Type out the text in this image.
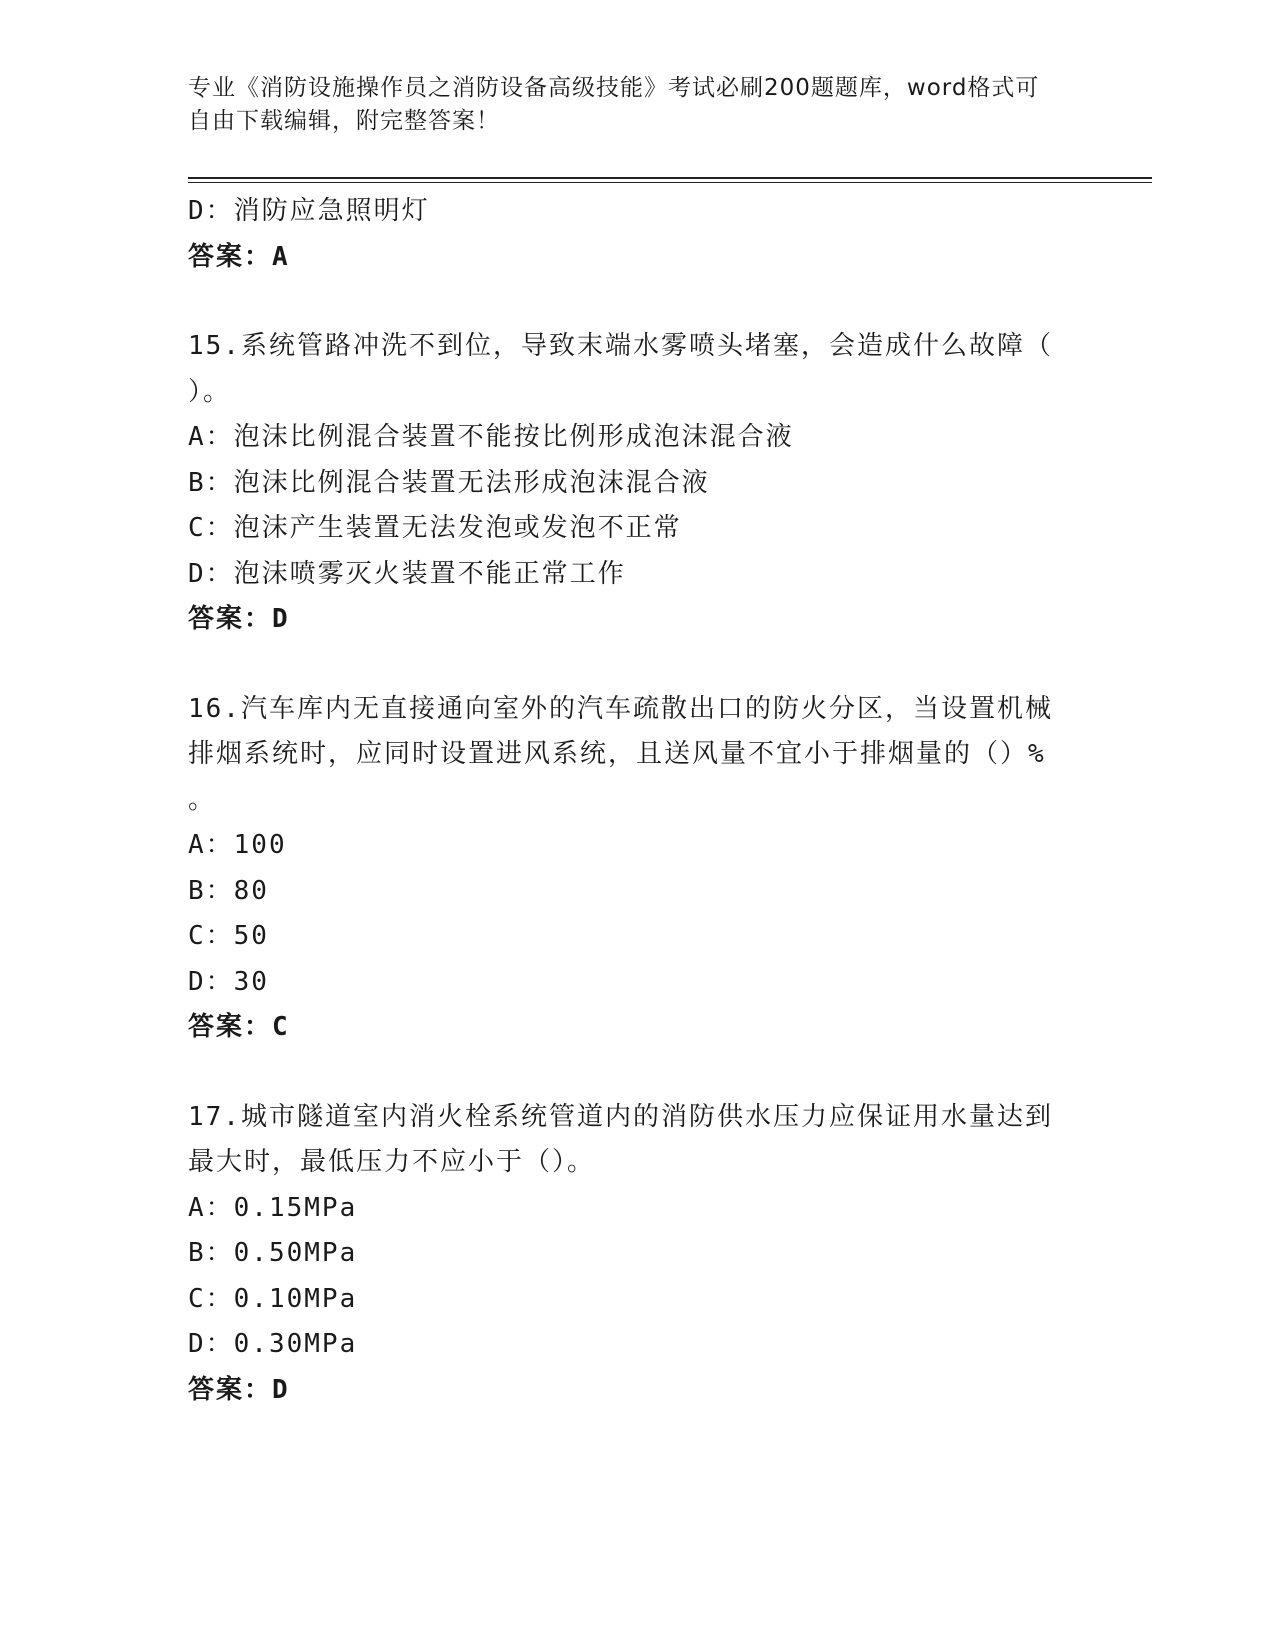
专业《消防设施操作员之消防设备高级技能》考试必刷200题题库，word格式可
自由下载编辑，附完整答案！
D：消防应急照明灯
答案：A
15.系统管路冲洗不到位，导致末端水雾喷头堵塞，会造成什么故障（
）。
A：泡沫比例混合装置不能按比例形成泡沫混合液
B：泡沫比例混合装置无法形成泡沫混合液
C：泡沫产生装置无法发泡或发泡不正常
D：泡沫喷雾灭火装置不能正常工作
答案：D
16.汽车库内无直接通向室外的汽车疏散出口的防火分区，当设置机械
排烟系统时，应同时设置进风系统，且送风量不宜小于排烟量的（）%
。
A：100
B：80
C：50
D：30
答案：C
17.城市隧道室内消火栓系统管道内的消防供水压力应保证用水量达到
最大时，最低压力不应小于（）。
A：0.15MPa
B：0.50MPa
C：0.10MPa
D：0.30MPa
答案：D
